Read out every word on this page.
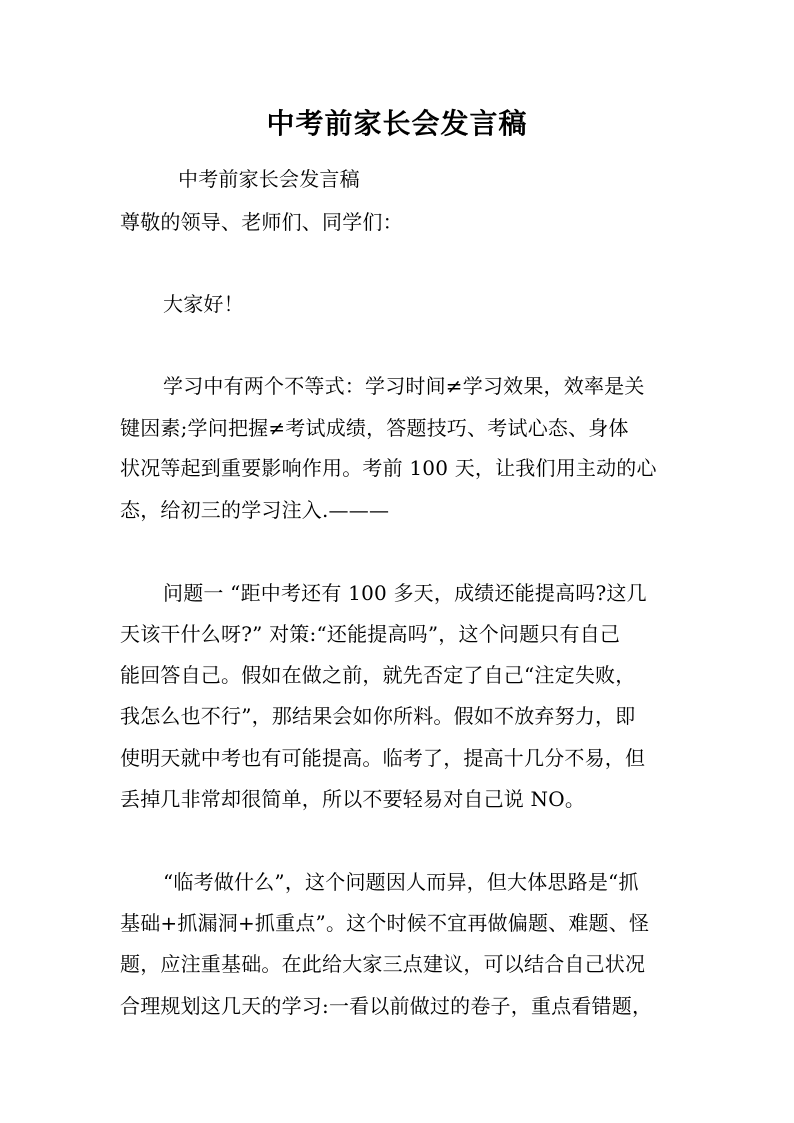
中考前家长会发言稿
中考前家长会发言稿
尊敬的领导、老师们、同学们：
大家好！
学习中有两个不等式：学习时间≠学习效果，效率是关
键因素;学问把握≠考试成绩，答题技巧、考试心态、身体
状况等起到重要影响作用。考前 100 天，让我们用主动的心
态，给初三的学习注入.———
问题一 “距中考还有 100 多天，成绩还能提高吗?这几
天该干什么呀?” 对策:“还能提高吗”，这个问题只有自己
能回答自己。假如在做之前，就先否定了自己“注定失败，
我怎么也不行”，那结果会如你所料。假如不放弃努力，即
使明天就中考也有可能提高。临考了，提高十几分不易，但
丢掉几非常却很简单，所以不要轻易对自己说 NO。
“临考做什么”，这个问题因人而异，但大体思路是“抓
基础+抓漏洞+抓重点”。这个时候不宜再做偏题、难题、怪
题，应注重基础。在此给大家三点建议，可以结合自己状况
合理规划这几天的学习:一看以前做过的卷子，重点看错题，
